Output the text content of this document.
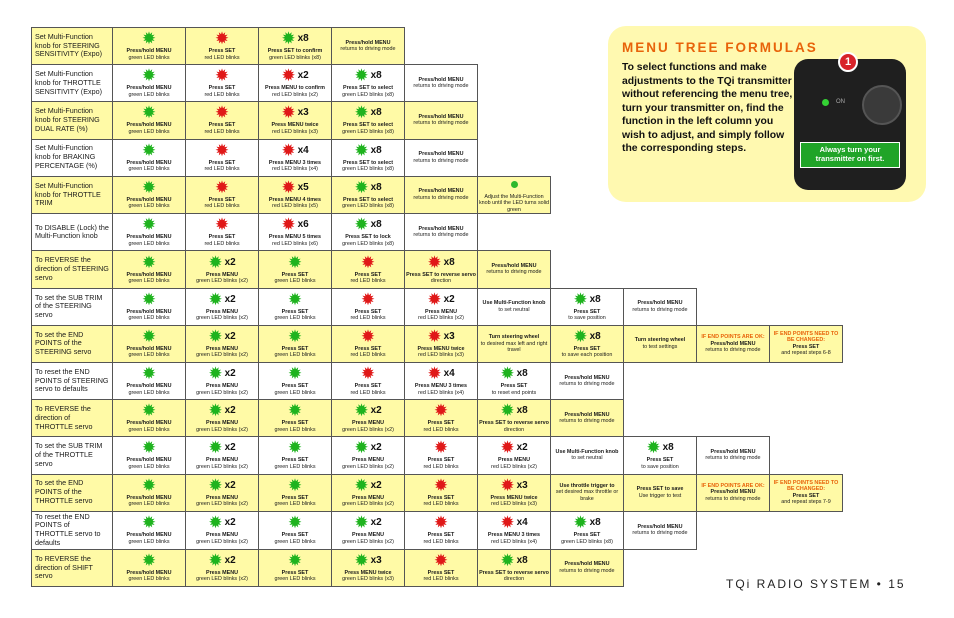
Set Multi-Function knob for STEERING SENSITIVITY (Expo)	✹
Press/hold MENU
green LED blinks	✹
Press SET
red LED blinks	✹ x8
Press SET to confirm
green LED blinks (x8)	Press/hold MENU
returns to driving mode						

Set Multi-Function knob for THROTTLE SENSITIVITY (Expo)	✹
Press/hold MENU
green LED blinks	✹
Press SET
red LED blinks	✹ x2
Press MENU to confirm
red LED blinks (x2)	✹ x8
Press SET to select
green LED blinks (x8)	Press/hold MENU
returns to driving mode					

Set Multi-Function knob for STEERING DUAL RATE (%)	✹
Press/hold MENU
green LED blinks	✹
Press SET
red LED blinks	✹ x3
Press MENU twice
red LED blinks (x3)	✹ x8
Press SET to select
green LED blinks (x8)	Press/hold MENU
returns to driving mode					

Set Multi-Function knob for BRAKING PERCENTAGE (%)	✹
Press/hold MENU
green LED blinks	✹
Press SET
red LED blinks	✹ x4
Press MENU 3 times
red LED blinks (x4)	✹ x8
Press SET to select
green LED blinks (x8)	Press/hold MENU
returns to driving mode					

Set Multi-Function knob for THROTTLE TRIM	✹
Press/hold MENU
green LED blinks	✹
Press SET
red LED blinks	✹ x5
Press MENU 4 times
red LED blinks (x5)	✹ x8
Press SET to select
green LED blinks (x8)	Press/hold MENU
returns to driving mode	Adjust the Multi-Function knob until the LED turns solid green				

To DISABLE (Lock) the Multi-Function knob	✹
Press/hold MENU
green LED blinks	✹
Press SET
red LED blinks	✹ x6
Press MENU 5 times
red LED blinks (x6)	✹ x8
Press SET to lock
green LED blinks (x8)	Press/hold MENU
returns to driving mode					

To REVERSE the direction of STEERING servo	✹
Press/hold MENU
green LED blinks	✹ x2
Press MENU
green LED blinks (x2)	✹
Press SET
green LED blinks	✹
Press SET
red LED blinks	✹ x8
Press SET to reverse servo
direction	Press/hold MENU
returns to driving mode				

To set the SUB TRIM of the STEERING servo	✹
Press/hold MENU
green LED blinks	✹ x2
Press MENU
green LED blinks (x2)	✹
Press SET
green LED blinks	✹
Press SET
red LED blinks	✹ x2
Press MENU
red LED blinks (x2)	Use Multi-Function knob
to set neutral	✹ x8
Press SET
to save position	Press/hold MENU
returns to driving mode		

To set the END POINTS of the STEERING servo	✹
Press/hold MENU
green LED blinks	✹ x2
Press MENU
green LED blinks (x2)	✹
Press SET
green LED blinks	✹
Press SET
red LED blinks	✹ x3
Press MENU twice
red LED blinks (x3)	Turn steering wheel
to desired max left and right travel	✹ x8
Press SET
to save each position	Turn steering wheel
to test settings	IF END POINTS ARE OK:
Press/hold MENU
returns to driving mode	IF END POINTS NEED TO BE CHANGED:
Press SET
and repeat steps 6-8

To reset the END POINTS of STEERING servo to defaults	✹
Press/hold MENU
green LED blinks	✹ x2
Press MENU
green LED blinks (x2)	✹
Press SET
green LED blinks	✹
Press SET
red LED blinks	✹ x4
Press MENU 3 times
red LED blinks (x4)	✹ x8
Press SET
to reset end points	Press/hold MENU
returns to driving mode			

To REVERSE the direction of THROTTLE servo	✹
Press/hold MENU
green LED blinks	✹ x2
Press MENU
green LED blinks (x2)	✹
Press SET
green LED blinks	✹ x2
Press MENU
green LED blinks (x2)	✹
Press SET
red LED blinks	✹ x8
Press SET to reverse servo
direction	Press/hold MENU
returns to driving mode			

To set the SUB TRIM of the THROTTLE servo	✹
Press/hold MENU
green LED blinks	✹ x2
Press MENU
green LED blinks (x2)	✹
Press SET
green LED blinks	✹ x2
Press MENU
green LED blinks (x2)	✹
Press SET
red LED blinks	✹ x2
Press MENU
red LED blinks (x2)	Use Multi-Function knob
to set neutral	✹ x8
Press SET
to save position	Press/hold MENU
returns to driving mode	

To set the END POINTS of the THROTTLE servo	✹
Press/hold MENU
green LED blinks	✹ x2
Press MENU
green LED blinks (x2)	✹
Press SET
green LED blinks	✹ x2
Press MENU
green LED blinks (x2)	✹
Press SET
red LED blinks	✹ x3
Press MENU twice
red LED blinks (x3)	Use throttle trigger to
set desired max throttle or brake	Press SET to save
Use trigger to test	IF END POINTS ARE OK:
Press/hold MENU
returns to driving mode	IF END POINTS NEED TO BE CHANGED:
Press SET
and repeat steps 7-9

To reset the END POINTS of THROTTLE servo to defaults	✹
Press/hold MENU
green LED blinks	✹ x2
Press MENU
green LED blinks (x2)	✹
Press SET
green LED blinks	✹ x2
Press MENU
green LED blinks (x2)	✹
Press SET
red LED blinks	✹ x4
Press MENU 3 times
red LED blinks (x4)	✹ x8
Press SET
green LED blinks (x8)	Press/hold MENU
returns to driving mode		

To REVERSE the direction of SHIFT servo	✹
Press/hold MENU
green LED blinks	✹ x2
Press MENU
green LED blinks (x2)	✹
Press SET
green LED blinks	✹ x3
Press MENU twice
green LED blinks (x3)	✹
Press SET
red LED blinks	✹ x8
Press SET to reverse servo
direction	Press/hold MENU
returns to driving mode			

MENU TREE FORMULAS
To select functions and make adjustments to the TQi transmitter without referencing the menu tree, turn your transmitter on, find the function in the left column you wish to adjust, and simply follow the corresponding steps.
ON
1
Always turn your transmitter on first.
TQi RADIO SYSTEM • 15
